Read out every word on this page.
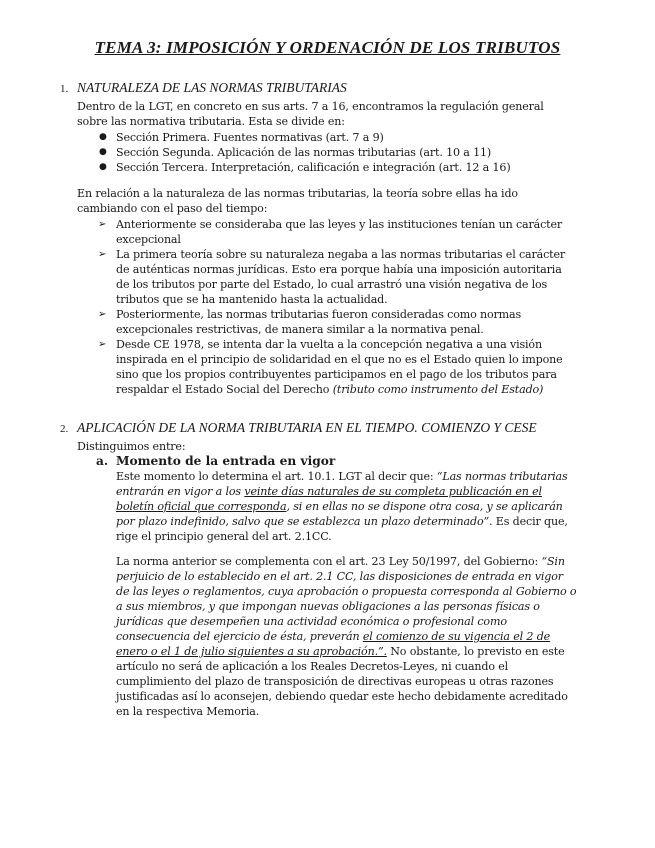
TEMA 3: IMPOSICIÓN Y ORDENACIÓN DE LOS TRIBUTOS
1. NATURALEZA DE LAS NORMAS TRIBUTARIAS
Dentro de la LGT, en concreto en sus arts. 7 a 16, encontramos la regulación general sobre las normativa tributaria. Esta se divide en:
● Sección Primera. Fuentes normativas (art. 7 a 9)
● Sección Segunda. Aplicación de las normas tributarias (art. 10 a 11)
● Sección Tercera. Interpretación, calificación e integración (art. 12 a 16)
En relación a la naturaleza de las normas tributarias, la teoría sobre ellas ha ido cambiando con el paso del tiempo:
➢ Anteriormente se consideraba que las leyes y las instituciones tenían un carácter excepcional
➢ La primera teoría sobre su naturaleza negaba a las normas tributarias el carácter de auténticas normas jurídicas. Esto era porque había una imposición autoritaria de los tributos por parte del Estado, lo cual arrastró una visión negativa de los tributos que se ha mantenido hasta la actualidad.
➢ Posteriormente, las normas tributarias fueron consideradas como normas excepcionales restrictivas, de manera similar a la normativa penal.
➢ Desde CE 1978, se intenta dar la vuelta a la concepción negativa a una visión inspirada en el principio de solidaridad en el que no es el Estado quien lo impone sino que los propios contribuyentes participamos en el pago de los tributos para respaldar el Estado Social del Derecho (tributo como instrumento del Estado)
2. APLICACIÓN DE LA NORMA TRIBUTARIA EN EL TIEMPO. COMIENZO Y CESE
Distinguimos entre:
a. Momento de la entrada en vigor
Este momento lo determina el art. 10.1. LGT al decir que: “Las normas tributarias entrarán en vigor a los veinte días naturales de su completa publicación en el boletín oficial que corresponda, si en ellas no se dispone otra cosa, y se aplicarán por plazo indefinido, salvo que se establezca un plazo determinado”. Es decir que, rige el principio general del art. 2.1CC.
La norma anterior se complementa con el art. 23 Ley 50/1997, del Gobierno: “Sin perjuicio de lo establecido en el art. 2.1 CC, las disposiciones de entrada en vigor de las leyes o reglamentos, cuya aprobación o propuesta corresponda al Gobierno o a sus miembros, y que impongan nuevas obligaciones a las personas físicas o jurídicas que desempeñen una actividad económica o profesional como consecuencia del ejercicio de ésta, preverán el comienzo de su vigencia el 2 de enero o el 1 de julio siguientes a su aprobación.”. No obstante, lo previsto en este artículo no será de aplicación a los Reales Decretos-Leyes, ni cuando el cumplimiento del plazo de transposición de directivas europeas u otras razones justificadas así lo aconsejen, debiendo quedar este hecho debidamente acreditado en la respectiva Memoria.
